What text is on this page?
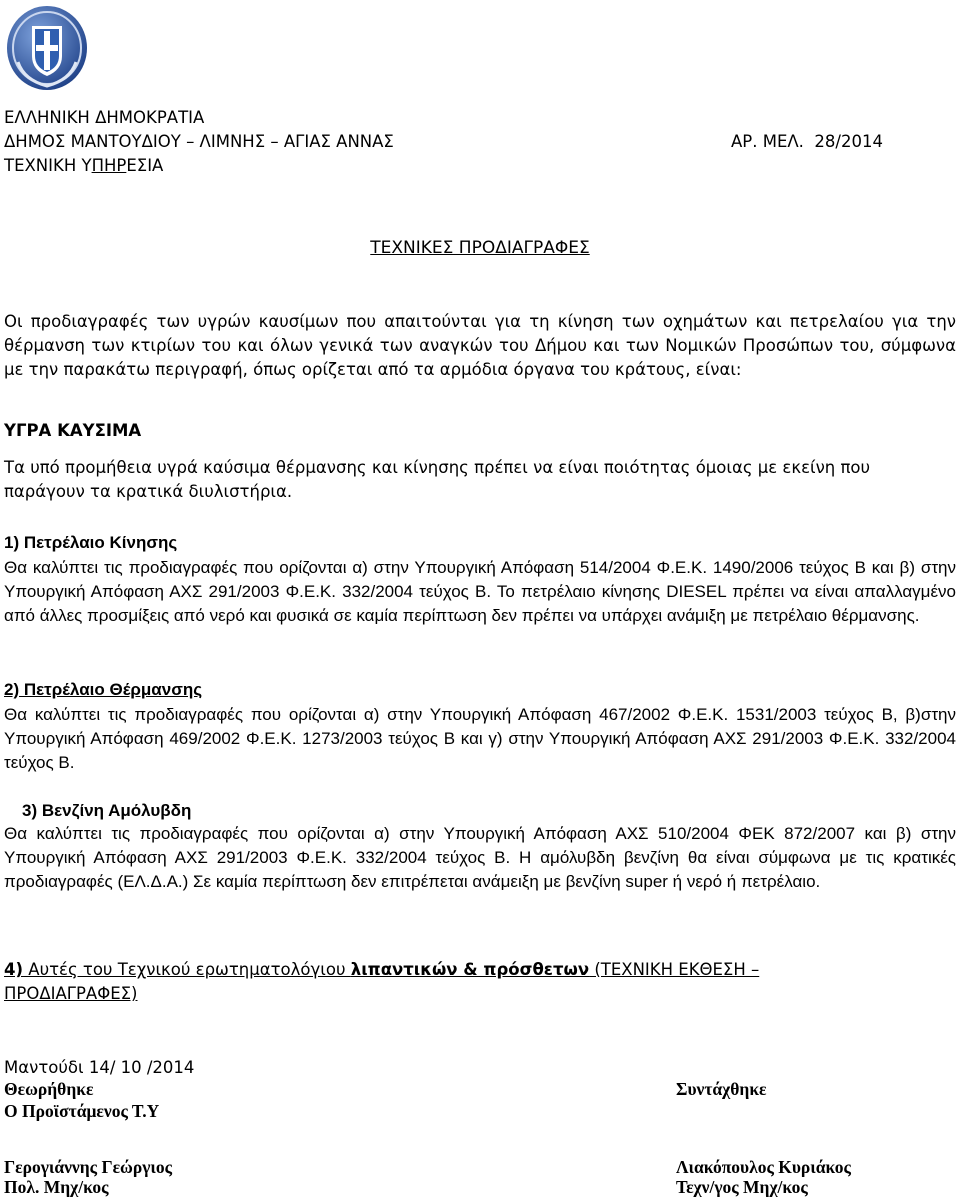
ΕΛΛΗΝΙΚΗ ΔΗΜΟΚΡΑΤΙΑ
ΔΗΜΟΣ ΜΑΝΤΟΥΔΙΟΥ – ΛΙΜΝΗΣ – ΑΓΙΑΣ ΑΝΝΑΣ	ΑΡ. ΜΕΛ. 28/2014
ΤΕΧΝΙΚΗ ΥΠΗΡΕΣΙΑ
ΤΕΧΝΙΚΕΣ ΠΡΟΔΙΑΓΡΑΦΕΣ
Οι προδιαγραφές των υγρών καυσίμων που απαιτούνται για τη κίνηση των οχημάτων και πετρελαίου για την θέρμανση των κτιρίων του και όλων γενικά των αναγκών του Δήμου και των Νομικών Προσώπων του, σύμφωνα με την παρακάτω περιγραφή, όπως ορίζεται από τα αρμόδια όργανα του κράτους, είναι:
ΥΓΡΑ ΚΑΥΣΙΜΑ
Τα υπό προμήθεια υγρά καύσιμα θέρμανσης και κίνησης πρέπει να είναι ποιότητας όμοιας με εκείνη που παράγουν τα κρατικά διυλιστήρια.
1) Πετρέλαιο Κίνησης
Θα καλύπτει τις προδιαγραφές που ορίζονται α) στην Υπουργική Απόφαση 514/2004 Φ.Ε.Κ. 1490/2006 τεύχος Β και β) στην Υπουργική Απόφαση ΑΧΣ 291/2003 Φ.Ε.Κ. 332/2004 τεύχος Β. Το πετρέλαιο κίνησης DIESEL πρέπει να είναι απαλλαγμένο από άλλες προσμίξεις από νερό και φυσικά σε καμία περίπτωση δεν πρέπει να υπάρχει ανάμιξη με πετρέλαιο θέρμανσης.
2) Πετρέλαιο Θέρμανσης
Θα καλύπτει τις προδιαγραφές που ορίζονται α) στην Υπουργική Απόφαση 467/2002 Φ.Ε.Κ. 1531/2003 τεύχος Β, β)στην Υπουργική Απόφαση 469/2002 Φ.Ε.Κ. 1273/2003 τεύχος Β και γ) στην Υπουργική Απόφαση ΑΧΣ 291/2003 Φ.Ε.Κ. 332/2004 τεύχος Β.
3) Βενζίνη Αμόλυβδη
Θα καλύπτει τις προδιαγραφές που ορίζονται α) στην Υπουργική Απόφαση ΑΧΣ 510/2004 ΦΕΚ 872/2007 και β) στην Υπουργική Απόφαση ΑΧΣ 291/2003 Φ.Ε.Κ. 332/2004 τεύχος Β. Η αμόλυβδη βενζίνη θα είναι σύμφωνα με τις κρατικές προδιαγραφές (ΕΛ.Δ.Α.) Σε καμία περίπτωση δεν επιτρέπεται ανάμειξη με βενζίνη super ή νερό ή πετρέλαιο.
4) Αυτές του Τεχνικού ερωτηματολόγιου λιπαντικών & πρόσθετων (ΤΕΧΝΙΚΗ ΕΚΘΕΣΗ –
ΠΡΟΔΙΑΓΡΑΦΕΣ)
Μαντούδι 14/ 10 /2014
Θεωρήθηκε	Συντάχθηκε
Ο Προϊστάμενος Τ.Υ
Γερογιάννης Γεώργιος	Λιακόπουλος Κυριάκος
Πολ. Μηχ/κος	Τεχν/γος Μηχ/κος
